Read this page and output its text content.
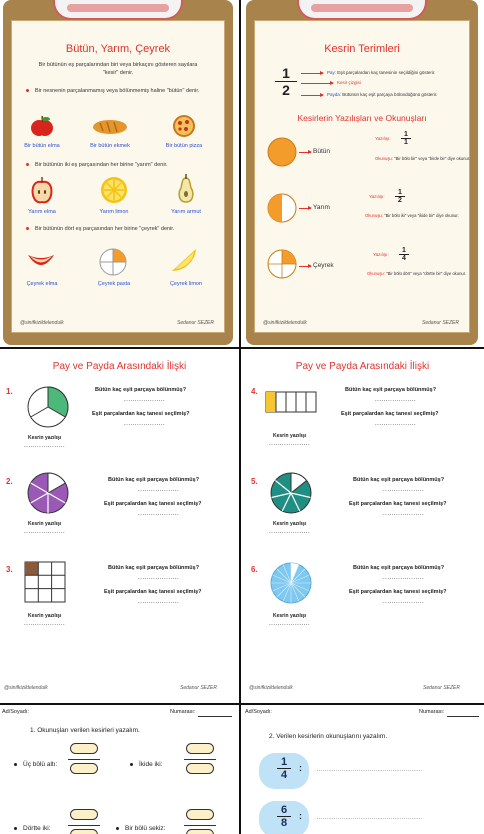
Bütün, Yarım, Çeyrek
Bir bütünün eş parçalarından biri veya birkaçını gösteren sayılara "kesir" denir.
Bir nesnenin parçalanmamış veya bölünmemiş haline "bütün" denir.
Bir bütün elma	Bir bütün ekmek	Bir bütün pizza
Bir bütünün iki eş parçasından her birine "yarım" denir.
Yarım elma	Yarım limon	Yarım armut
Bir bütünün dört eş parçasından her birine "çeyrek" denir.
Çeyrek elma	Çeyrek pasta	Çeyrek limon
@sinifkizildelendulk	Sedanur SEZER
Kesrin Terimleri
$\frac{1}{2}$	Pay: Eşit parçalardan kaç tanesinin seçildiğini gösterir.
Kesir çizgisi
Payda: Bütünün kaç eşit parçaya bölündüğünü gösterir.
Kesirlerin Yazılışları ve Okunuşları
Bütün
Yazılışı: $\frac{1}{1}$
Okunuşu: "Bir bölü bir" veya "birde bir" diye okunur.
Yarım
Yazılışı: $\frac{1}{2}$
Okunuşu: "Bir bölü iki" veya "ikide bir" diye okunur.
Çeyrek
Yazılışı: $\frac{1}{4}$
Okunuşu: "Bir bölü dört" veya "dörtte bir" diye okunur.
@sinifkizildelendulk	Sedanur SEZER
Pay ve Payda Arasındaki İlişki
1.	Bütün kaç eşit parçaya bölünmüş?
...................
Eşit parçalardan kaç tanesi seçilmiş?
...................
Kesrin yazılışı
...................
2.	Bütün kaç eşit parçaya bölünmüş?
...................
Eşit parçalardan kaç tanesi seçilmiş?
...................
Kesrin yazılışı
...................
3.	Bütün kaç eşit parçaya bölünmüş?
...................
Eşit parçalardan kaç tanesi seçilmiş?
...................
Kesrin yazılışı
...................
@sinifkizildelendulk	Sedanur SEZER
Pay ve Payda Arasındaki İlişki
4.	Bütün kaç eşit parçaya bölünmüş?
...................
Eşit parçalardan kaç tanesi seçilmiş?
...................
Kesrin yazılışı
...................
5.	Bütün kaç eşit parçaya bölünmüş?
...................
Eşit parçalardan kaç tanesi seçilmiş?
...................
Kesrin yazılışı
...................
6.	Bütün kaç eşit parçaya bölünmüş?
...................
Eşit parçalardan kaç tanesi seçilmiş?
...................
Kesrin yazılışı
...................
@sinifkizildelendulk	Sedanur SEZER
Ad/Soyadı:	Numarası:
1. Okunuşları verilen kesirleri yazalım.
Üç bölü altı:	İkide iki:
Dörtte iki:	Bir bölü sekiz:
Ad/Soyadı:	Numarası:
2. Verilen kesirlerin okunuşlarını yazalım.
$\frac{1}{4}$ :	........................................................
$\frac{6}{8}$ :	........................................................
